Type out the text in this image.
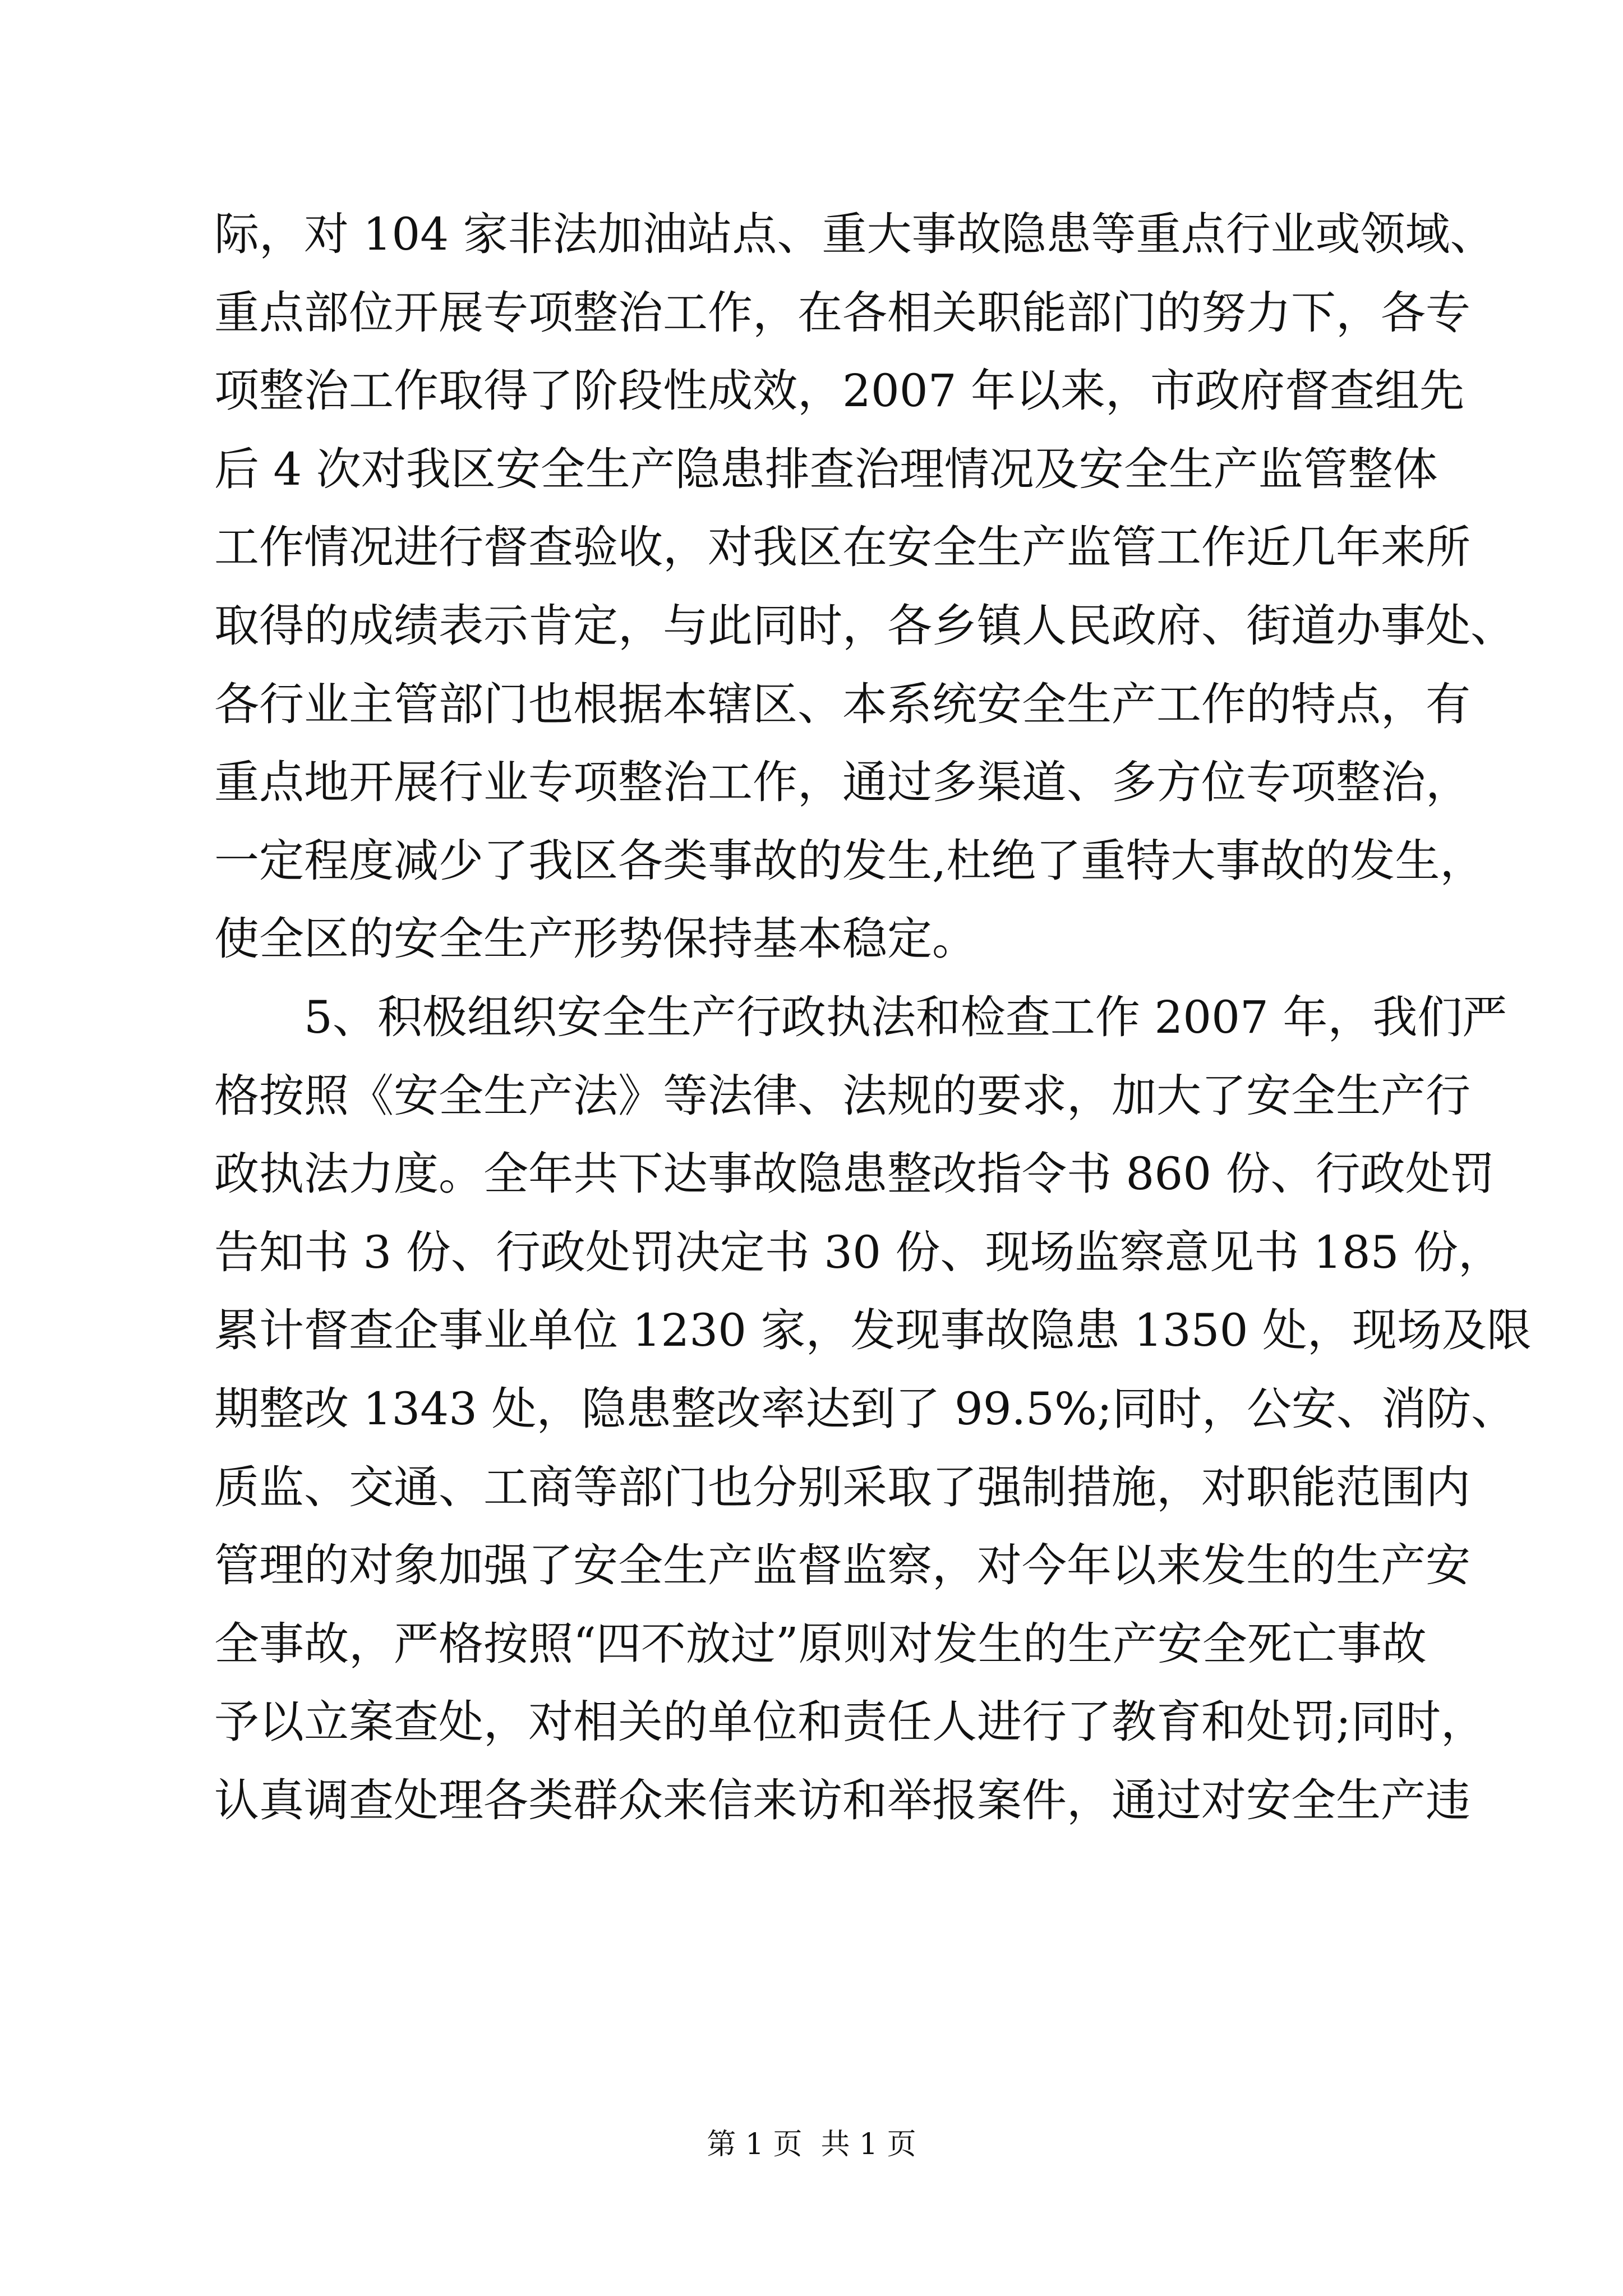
际，对 104 家非法加油站点、重大事故隐患等重点行业或领域、
重点部位开展专项整治工作，在各相关职能部门的努力下，各专
项整治工作取得了阶段性成效，2007 年以来，市政府督查组先
后 4 次对我区安全生产隐患排查治理情况及安全生产监管整体
工作情况进行督查验收，对我区在安全生产监管工作近几年来所
取得的成绩表示肯定，与此同时，各乡镇人民政府、街道办事处、
各行业主管部门也根据本辖区、本系统安全生产工作的特点，有
重点地开展行业专项整治工作，通过多渠道、多方位专项整治，
一定程度减少了我区各类事故的发生,杜绝了重特大事故的发生，
使全区的安全生产形势保持基本稳定。
　　5、积极组织安全生产行政执法和检查工作 2007 年，我们严
格按照《安全生产法》等法律、法规的要求，加大了安全生产行
政执法力度。全年共下达事故隐患整改指令书 860 份、行政处罚
告知书 3 份、行政处罚决定书 30 份、现场监察意见书 185 份，
累计督查企事业单位 1230 家，发现事故隐患 1350 处，现场及限
期整改 1343 处，隐患整改率达到了 99.5%;同时，公安、消防、
质监、交通、工商等部门也分别采取了强制措施，对职能范围内
管理的对象加强了安全生产监督监察，对今年以来发生的生产安
全事故，严格按照“四不放过”原则对发生的生产安全死亡事故
予以立案查处，对相关的单位和责任人进行了教育和处罚;同时，
认真调查处理各类群众来信来访和举报案件，通过对安全生产违
第 1 页  共 1 页
